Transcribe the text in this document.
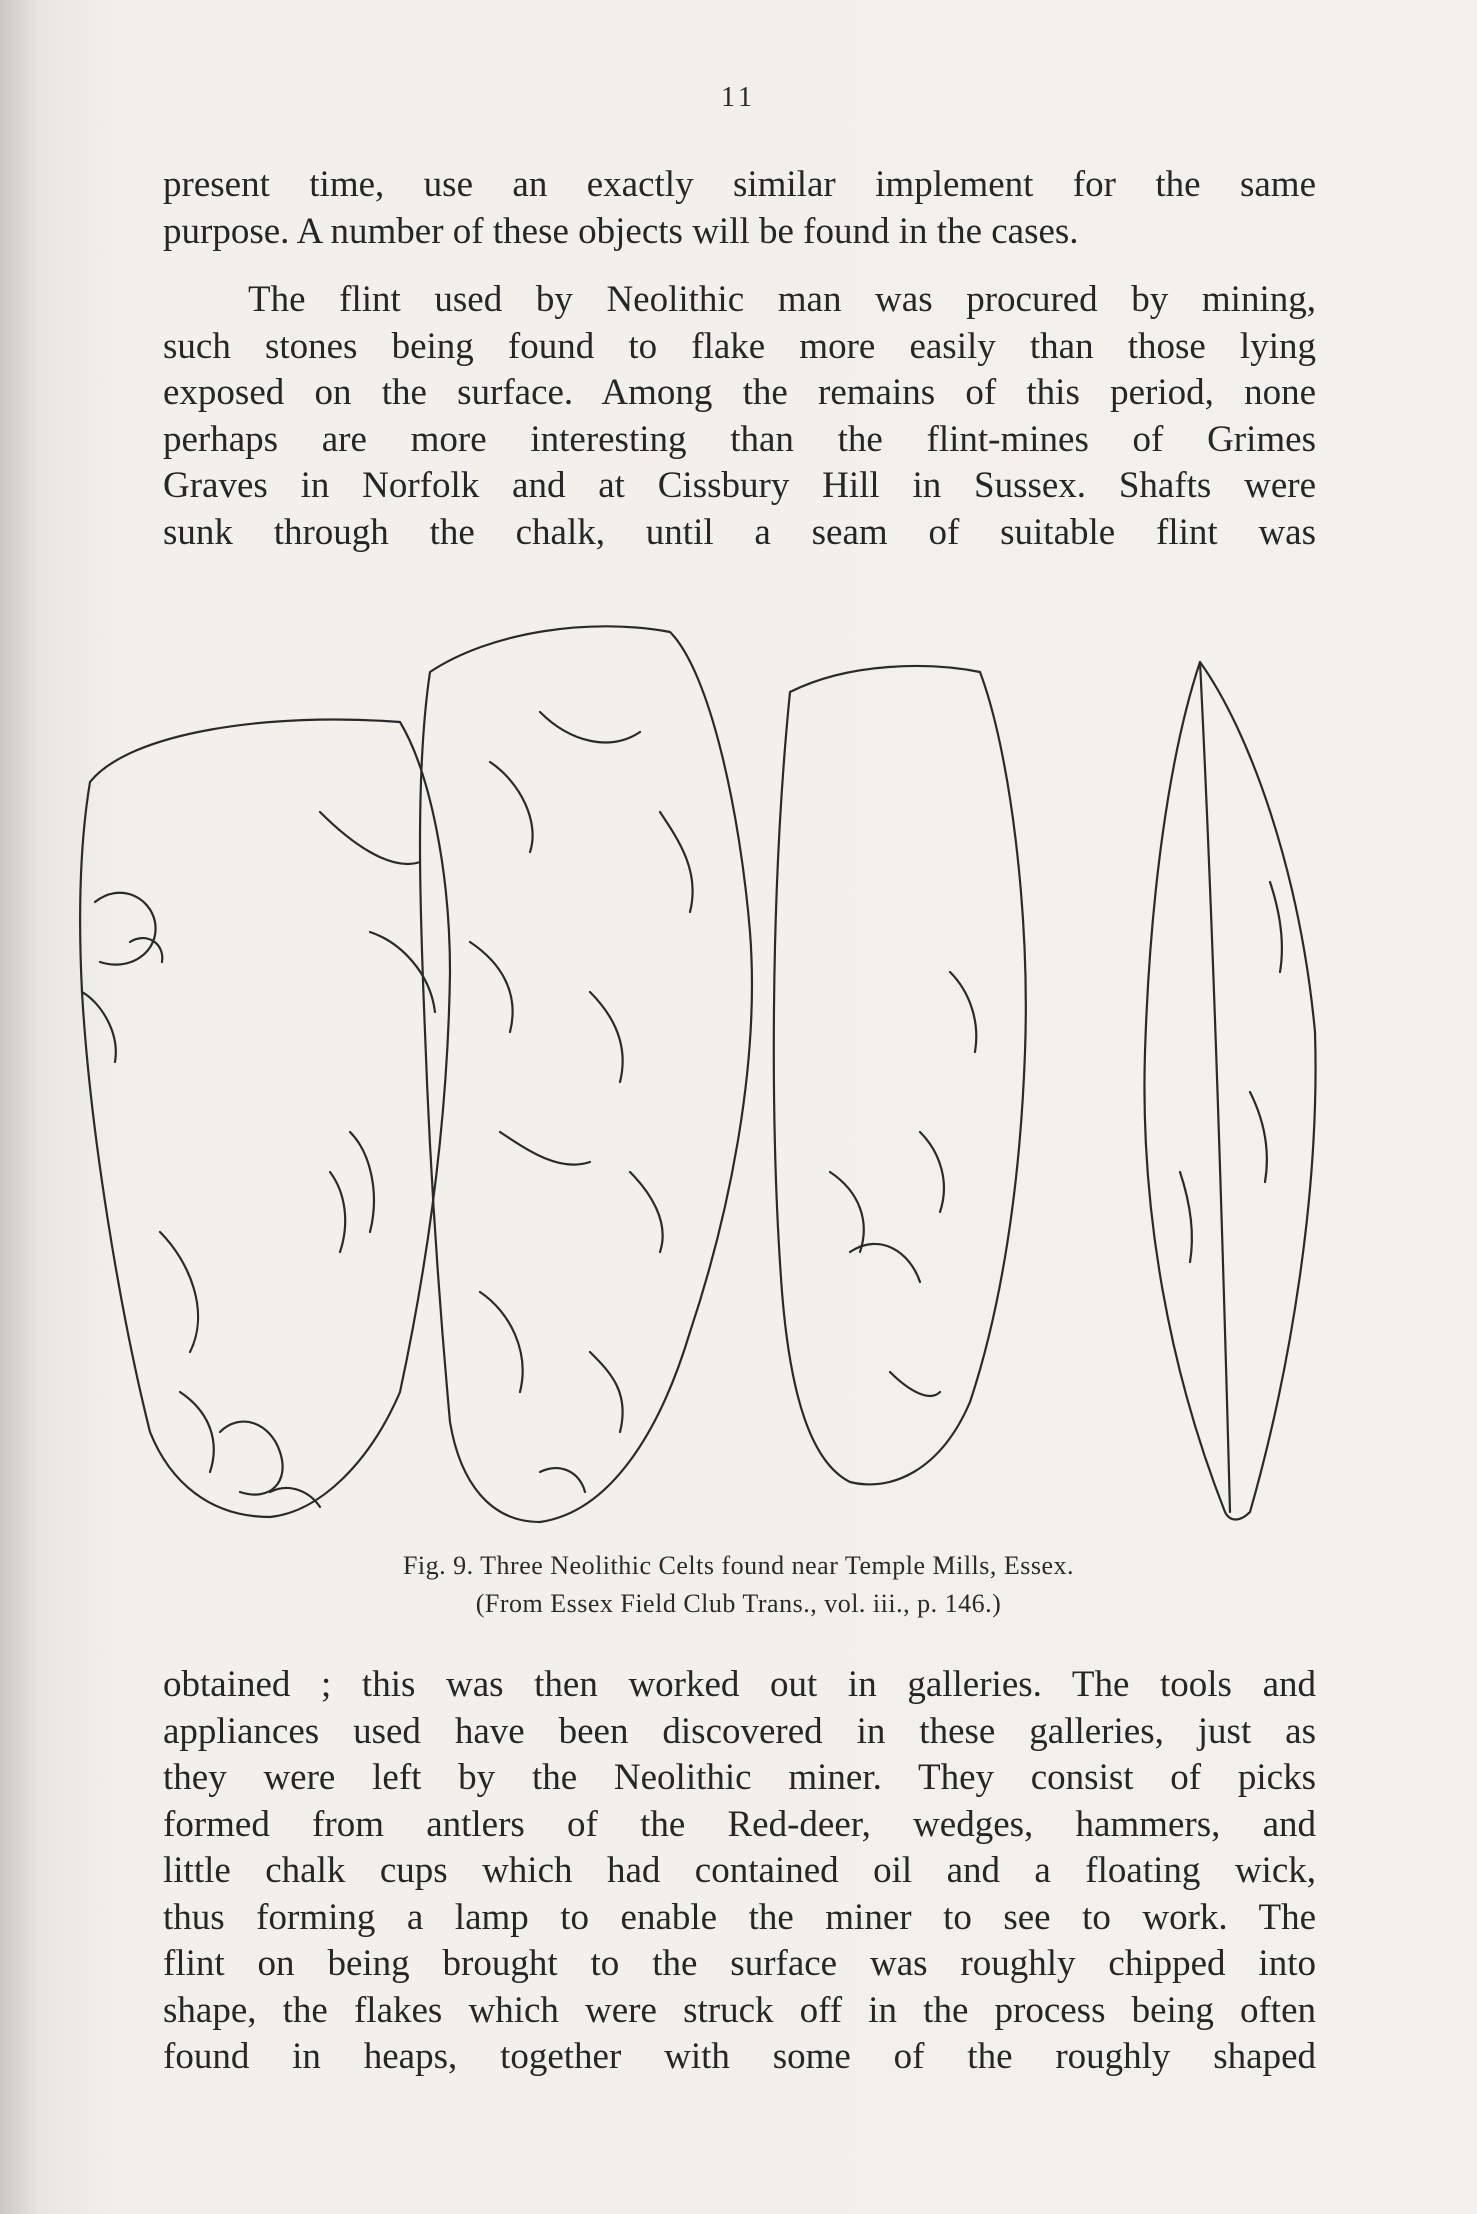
11
present time, use an exactly similar implement for the same
purpose. A number of these objects will be found in the cases.
The flint used by Neolithic man was procured by mining,
such stones being found to flake more easily than those lying
exposed on the surface. Among the remains of this period, none
perhaps are more interesting than the flint-mines of Grimes
Graves in Norfolk and at Cissbury Hill in Sussex. Shafts were
sunk through the chalk, until a seam of suitable flint was
Fig. 9. Three Neolithic Celts found near Temple Mills, Essex.
(From Essex Field Club Trans., vol. iii., p. 146.)
obtained ; this was then worked out in galleries. The tools and
appliances used have been discovered in these galleries, just as
they were left by the Neolithic miner. They consist of picks
formed from antlers of the Red-deer, wedges, hammers, and
little chalk cups which had contained oil and a floating wick,
thus forming a lamp to enable the miner to see to work. The
flint on being brought to the surface was roughly chipped into
shape, the flakes which were struck off in the process being often
found in heaps, together with some of the roughly shaped
